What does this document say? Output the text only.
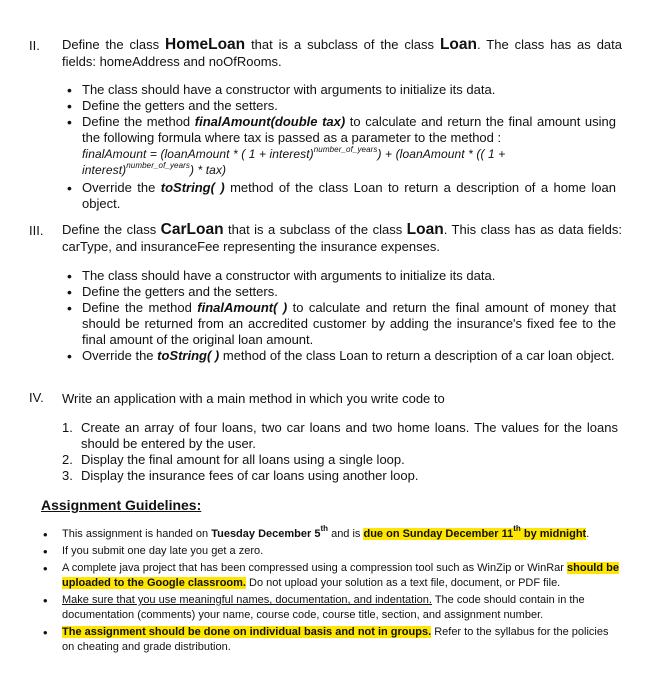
II. Define the class HomeLoan that is a subclass of the class Loan. The class has as data fields: homeAddress and noOfRooms.
• The class should have a constructor with arguments to initialize its data.
• Define the getters and the setters.
• Define the method finalAmount(double tax) to calculate and return the final amount using the following formula where tax is passed as a parameter to the method :
finalAmount = (loanAmount * ( 1 + interest)$^{number\_of\_years}$) + (loanAmount * (( 1 +
interest)$^{number\_of\_years}$) * tax)
• Override the toString( ) method of the class Loan to return a description of a home loan object.
III. Define the class CarLoan that is a subclass of the class Loan. This class has as data fields: carType, and insuranceFee representing the insurance expenses.
• The class should have a constructor with arguments to initialize its data.
• Define the getters and the setters.
• Define the method finalAmount( ) to calculate and return the final amount of money that should be returned from an accredited customer by adding the insurance's fixed fee to the final amount of the original loan amount.
• Override the toString( ) method of the class Loan to return a description of a car loan object.
IV. Write an application with a main method in which you write code to
1. Create an array of four loans, two car loans and two home loans. The values for the loans should be entered by the user.
2. Display the final amount for all loans using a single loop.
3. Display the insurance fees of car loans using another loop.
Assignment Guidelines:
• This assignment is handed on Tuesday December 5th and is due on Sunday December 11th by midnight.
• If you submit one day late you get a zero.
• A complete java project that has been compressed using a compression tool such as WinZip or WinRar should be uploaded to the Google classroom. Do not upload your solution as a text file, document, or PDF file.
• Make sure that you use meaningful names, documentation, and indentation. The code should contain in the documentation (comments) your name, course code, course title, section, and assignment number.
• The assignment should be done on individual basis and not in groups. Refer to the syllabus for the policies on cheating and grade distribution.
